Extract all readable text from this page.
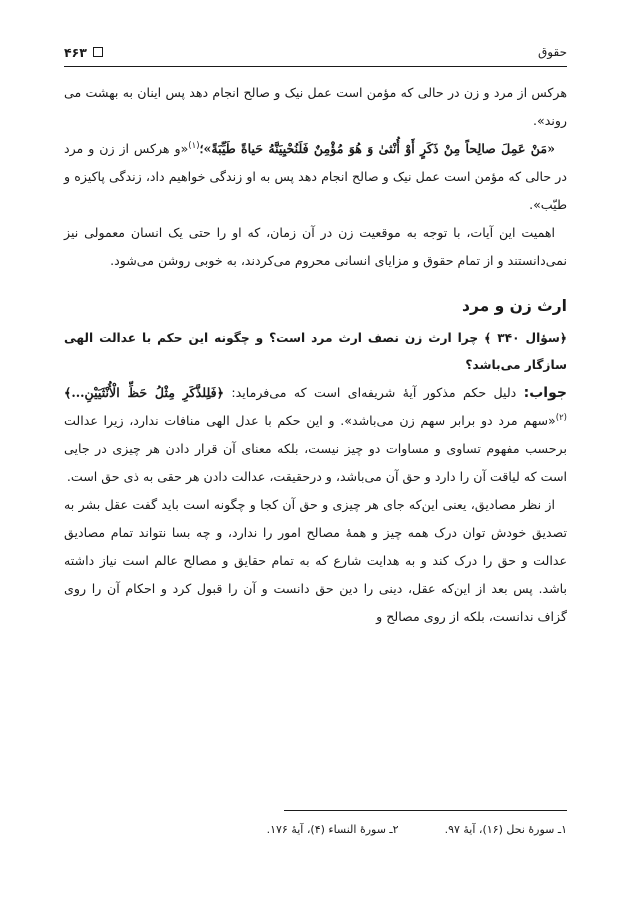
حقوق
۴۶۳

هرکس از مرد و زن در حالی که مؤمن است عمل نیک و صالح انجام دهد پس اینان به بهشت می روند».

«مَنْ عَمِلَ صالِحاً مِنْ ذَكَرٍ أَوْ أُنْثىٰ وَ هُوَ مُؤْمِنٌ فَلَنُحْيِيَنَّهُ حَياةً طَيِّبَةً»؛$^{(۱)}$«و هرکس از زن و مرد در حالی که مؤمن است عمل نیک و صالح انجام دهد پس به او زندگی خواهیم داد، زندگی پاکیزه و طیّب».

اهمیت این آیات، با توجه به موقعیت زن در آن زمان، که او را حتی یک انسان معمولی نیز نمی‌دانستند و از تمام حقوق و مزایای انسانی محروم می‌کردند، به خوبی روشن می‌شود.

ارث زن و مرد

﴿سؤال ۳۴۰ ﴾ چرا ارث زن نصف ارث مرد است؟ و چگونه این حکم با عدالت الهی سازگار می‌باشد؟

جواب: دلیل حکم مذکور آیهٔ شریفه‌ای است که می‌فرماید: ﴿فَلِلذَّكَرِ مِثْلُ حَظِّ الْأُنْثَيَيْنِ...﴾$^{(۲)}$«سهم مرد دو برابر سهم زن می‌باشد». و این حکم با عدل الهی منافات ندارد، زیرا عدالت برحسب مفهوم تساوی و مساوات دو چیز نیست، بلکه معنای آن قرار دادن هر چیزی در جایی است که لیاقت آن را دارد و حق آن می‌باشد، و درحقیقت، عدالت دادن هر حقی به ذی حق است.

از نظر مصادیق، یعنی این‌که جای هر چیزی و حق آن کجا و چگونه است باید گفت عقل بشر به تصدیق خودش توان درک همه چیز و همهٔ مصالح امور را ندارد، و چه بسا نتواند تمام مصادیق عدالت و حق را درک کند و به هدایت شارع که به تمام حقایق و مصالح عالم است نیاز داشته باشد. پس بعد از این‌که عقل، دینی را دین حق دانست و آن را قبول کرد و احکام آن را روی گزاف ندانست، بلکه از روی مصالح و

۱ـ سورهٔ نحل (۱۶)، آیهٔ ۹۷.
۲ـ سورهٔ النساء (۴)، آیهٔ ۱۷۶.
